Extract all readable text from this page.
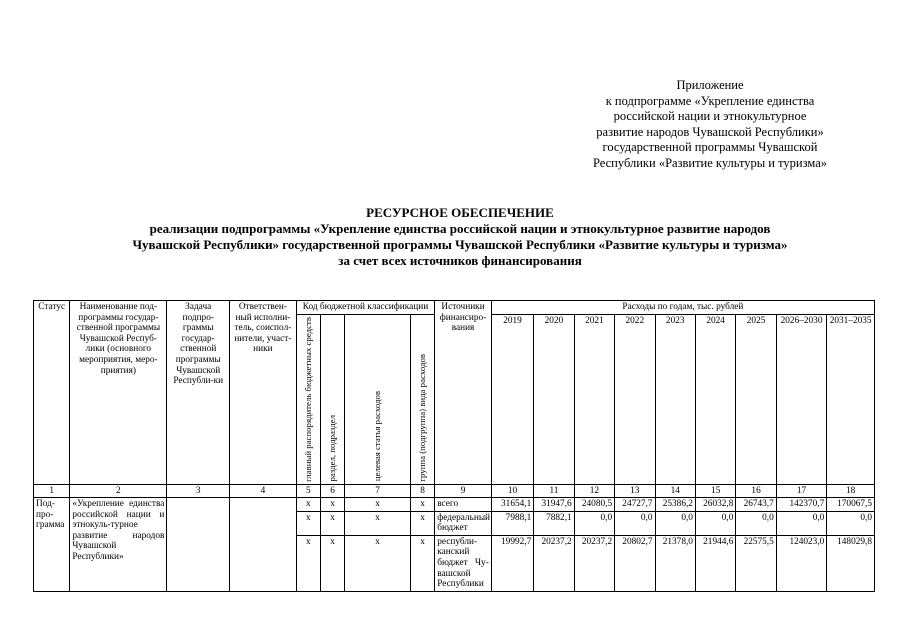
Приложение
к подпрограмме «Укрепление единства
российской нации и этнокультурное
развитие народов Чувашской Республики»
государственной программы Чувашской
Республики «Развитие культуры и туризма»
РЕСУРСНОЕ ОБЕСПЕЧЕНИЕ
реализации подпрограммы «Укрепление единства российской нации и этнокультурное развитие народов
Чувашской Республики» государственной программы Чувашской Республики «Развитие культуры и туризма»
за счет всех источников финансирования
Статус	Наименование под-программы государ-ственной программы Чувашской Респуб-лики (основного мероприятия, меро-приятия)	Задача подпро-граммы государ-ственной программы Чувашской Республи-ки	Ответствен-ный исполни-тель, соиспол-нители, участ-ники	Код бюджетной классификации				Источники финансиро-вания	Расходы по годам, тыс. рублей								

				главный распорядитель бюджетных средств	раздел, подраздел	целевая статья расходов	группа (подгруппа) вида расходов		2019	2020	2021	2022	2023	2024	2025	2026–2030	2031–2035

1	2	3	4	5	6	7	8	9	10	11	12	13	14	15	16	17	18
Под-про-грамма	«Укрепление единства российской нации и этнокуль-турное развитие народов Чувашской Республики»			x	x	x	x	всего	31654,1	31947,6	24080,5	24727,7	25386,2	26032,8	26743,7	142370,7	170067,5
				x	x	x	x	федеральный бюджет	7988,1	7882,1	0,0	0,0	0,0	0,0	0,0	0,0	0,0
				x	x	x	x	республи-канский бюджет Чу-вашской Республики	19992,7	20237,2	20237,2	20802,7	21378,0	21944,6	22575,5	124023,0	148029,8
